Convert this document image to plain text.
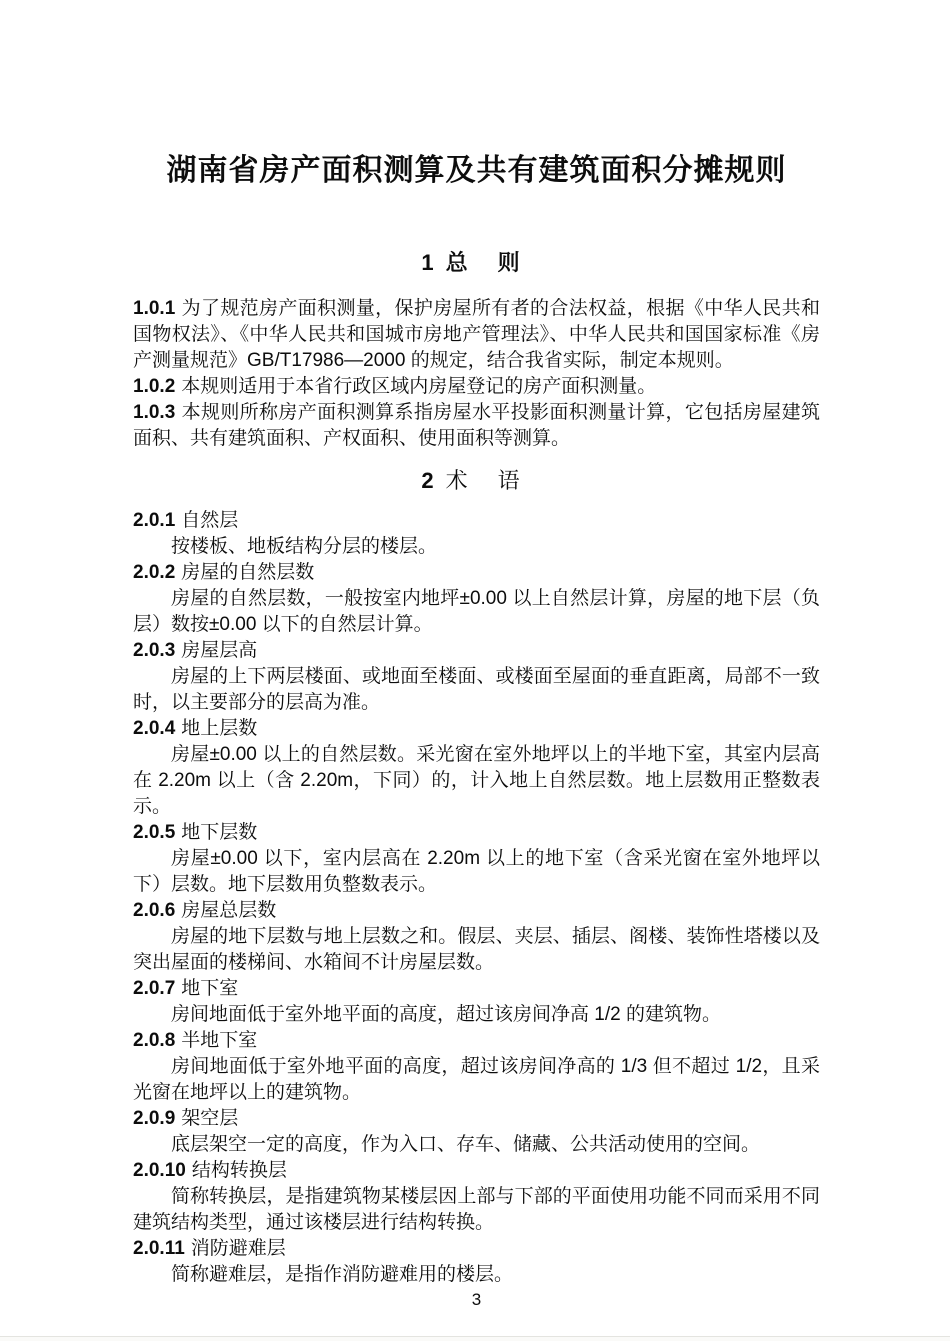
湖南省房产面积测算及共有建筑面积分摊规则
1 总 则

1.0.1 为了规范房产面积测量，保护房屋所有者的合法权益，根据《中华人民共和国物权法》、《中华人民共和国城市房地产管理法》、中华人民共和国国家标准《房产测量规范》GB/T17986—2000 的规定，结合我省实际，制定本规则。

1.0.2 本规则适用于本省行政区域内房屋登记的房产面积测量。

1.0.3 本规则所称房产面积测算系指房屋水平投影面积测量计算，它包括房屋建筑面积、共有建筑面积、产权面积、使用面积等测算。

2 术 语

2.0.1 自然层

按楼板、地板结构分层的楼层。

2.0.2 房屋的自然层数

房屋的自然层数，一般按室内地坪±0.00 以上自然层计算，房屋的地下层（负层）数按±0.00 以下的自然层计算。

2.0.3 房屋层高

房屋的上下两层楼面、或地面至楼面、或楼面至屋面的垂直距离，局部不一致时，以主要部分的层高为准。

2.0.4 地上层数

房屋±0.00 以上的自然层数。采光窗在室外地坪以上的半地下室，其室内层高在 2.20m 以上（含 2.20m，下同）的，计入地上自然层数。地上层数用正整数表示。

2.0.5 地下层数

房屋±0.00 以下，室内层高在 2.20m 以上的地下室（含采光窗在室外地坪以下）层数。地下层数用负整数表示。

2.0.6 房屋总层数

房屋的地下层数与地上层数之和。假层、夹层、插层、阁楼、装饰性塔楼以及突出屋面的楼梯间、水箱间不计房屋层数。

2.0.7 地下室

房间地面低于室外地平面的高度，超过该房间净高 1/2 的建筑物。

2.0.8 半地下室

房间地面低于室外地平面的高度，超过该房间净高的 1/3 但不超过 1/2，且采光窗在地坪以上的建筑物。

2.0.9 架空层

底层架空一定的高度，作为入口、存车、储藏、公共活动使用的空间。

2.0.10 结构转换层

简称转换层，是指建筑物某楼层因上部与下部的平面使用功能不同而采用不同建筑结构类型，通过该楼层进行结构转换。

2.0.11 消防避难层

简称避难层，是指作消防避难用的楼层。

3
